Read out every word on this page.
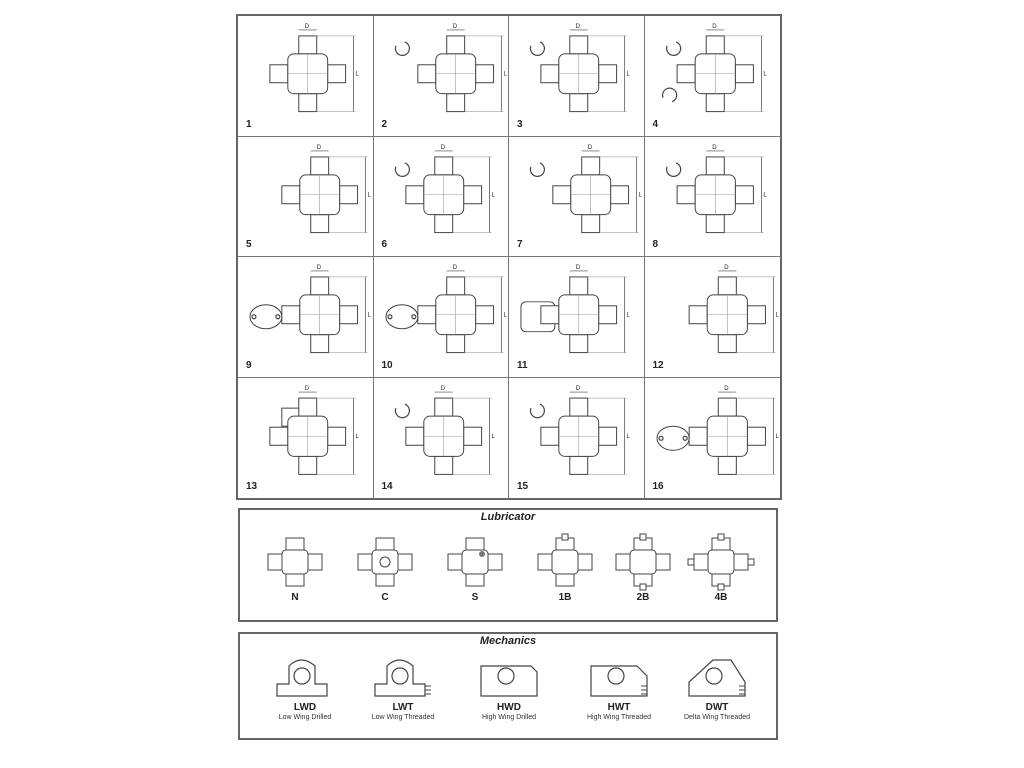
D
L
1
D
L
2
D
L
3
D
L
4
D
L
5
D
L
6
D
L
7
D
L
8
D
L
9
D
L
10
D
L
11
D
L
12
D
L
13
D
L
14
D
L
15
D
L
16
Lubricator
N	C	S	1B	2B	4B
Mechanics
LWD
Low Wing Drilled
LWT
Low Wing Threaded
HWD
High Wing Drilled
HWT
High Wing Threaded
DWT
Delta Wing Threaded
